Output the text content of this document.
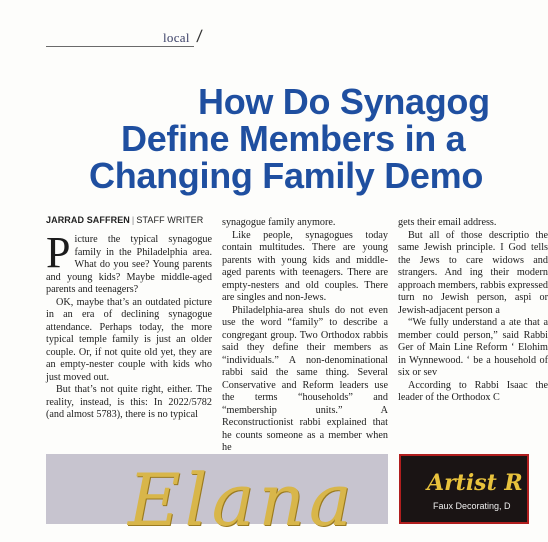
local /
How Do Synagog
Define Members in a
Changing Family Demo
JARRAD SAFFREN | STAFF WRITER

Picture the typical synagogue family in the Philadelphia area. What do you see? Young parents and young kids? Maybe middle-aged parents and teenagers?

OK, maybe that’s an outdated picture in an era of declining synagogue attendance. Perhaps today, the more typical temple family is just an older couple. Or, if not quite old yet, they are an empty-nester couple with kids who just moved out.

But that’s not quite right, either. The reality, instead, is this: In 2022/5782 (and almost 5783), there is no typical

synagogue family anymore.

Like people, synagogues today contain multitudes. There are young parents with young kids and middle-aged parents with teenagers. There are empty-nesters and old couples. There are singles and non-Jews.

Philadelphia-area shuls do not even use the word “family” to describe a congregant group. Two Orthodox rabbis said they define their members as “individuals.” A non-denominational rabbi said the same thing. Several Conservative and Reform leaders use the terms “households” and “membership units.” A Reconstructionist rabbi explained that he counts someone as a member when he

gets their email address.

But all of those descriptio the same Jewish principle. I God tells the Jews to care widows and strangers. And ing their modern approach members, rabbis expressed turn no Jewish person, aspi or Jewish-adjacent person a

“We fully understand a ate that a member could person,” said Rabbi Ger of Main Line Reform ‘ Elohim in Wynnewood. ‘ be a household of six or sev

According to Rabbi Isaac the leader of the Orthodox C

Elana	Artist R
Faux Decorating, D
